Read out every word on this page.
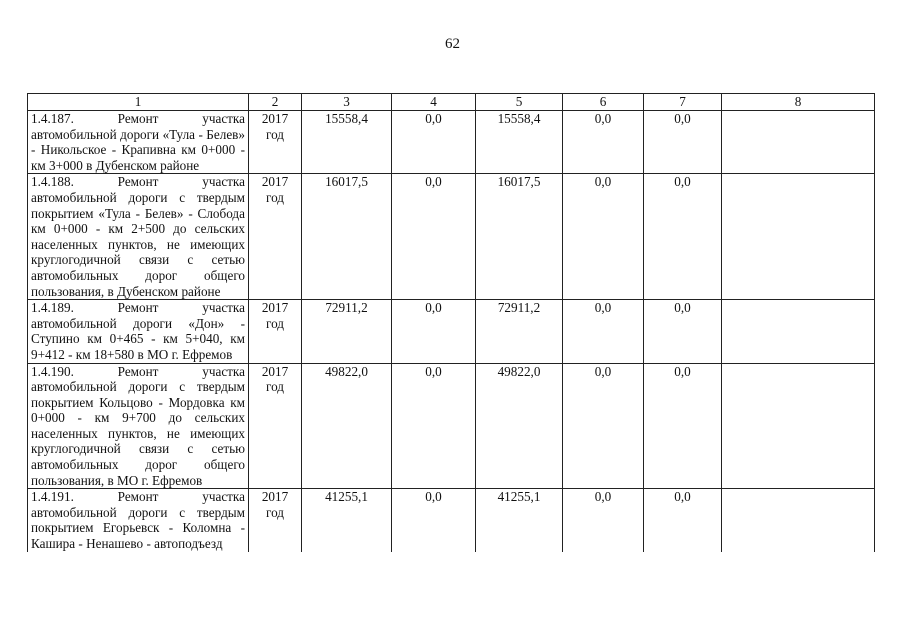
62
1	2	3	4	5	6	7	8
1.4.187. Ремонт участка автомобильной дороги «Тула - Белев» - Никольское - Крапивна км 0+000 - км 3+000 в Дубенском районе	2017 год	15558,4	0,0	15558,4	0,0	0,0	
1.4.188. Ремонт участка автомобильной дороги с твердым покрытием «Тула - Белев» - Слобода км 0+000 - км 2+500 до сельских населенных пунктов, не имеющих круглогодичной связи с сетью автомобильных дорог общего пользования, в Дубенском районе	2017 год	16017,5	0,0	16017,5	0,0	0,0	
1.4.189. Ремонт участка автомобильной дороги «Дон» - Ступино км 0+465 - км 5+040, км 9+412 - км 18+580 в МО г. Ефремов	2017 год	72911,2	0,0	72911,2	0,0	0,0	
1.4.190. Ремонт участка автомобильной дороги с твердым покрытием Кольцово - Мордовка км 0+000 - км 9+700 до сельских населенных пунктов, не имеющих круглогодичной связи с сетью автомобильных дорог общего пользования, в МО г. Ефремов	2017 год	49822,0	0,0	49822,0	0,0	0,0	
1.4.191. Ремонт участка автомобильной дороги с твердым покрытием Егорьевск - Коломна - Кашира - Ненашево - автоподъезд	2017 год	41255,1	0,0	41255,1	0,0	0,0	
